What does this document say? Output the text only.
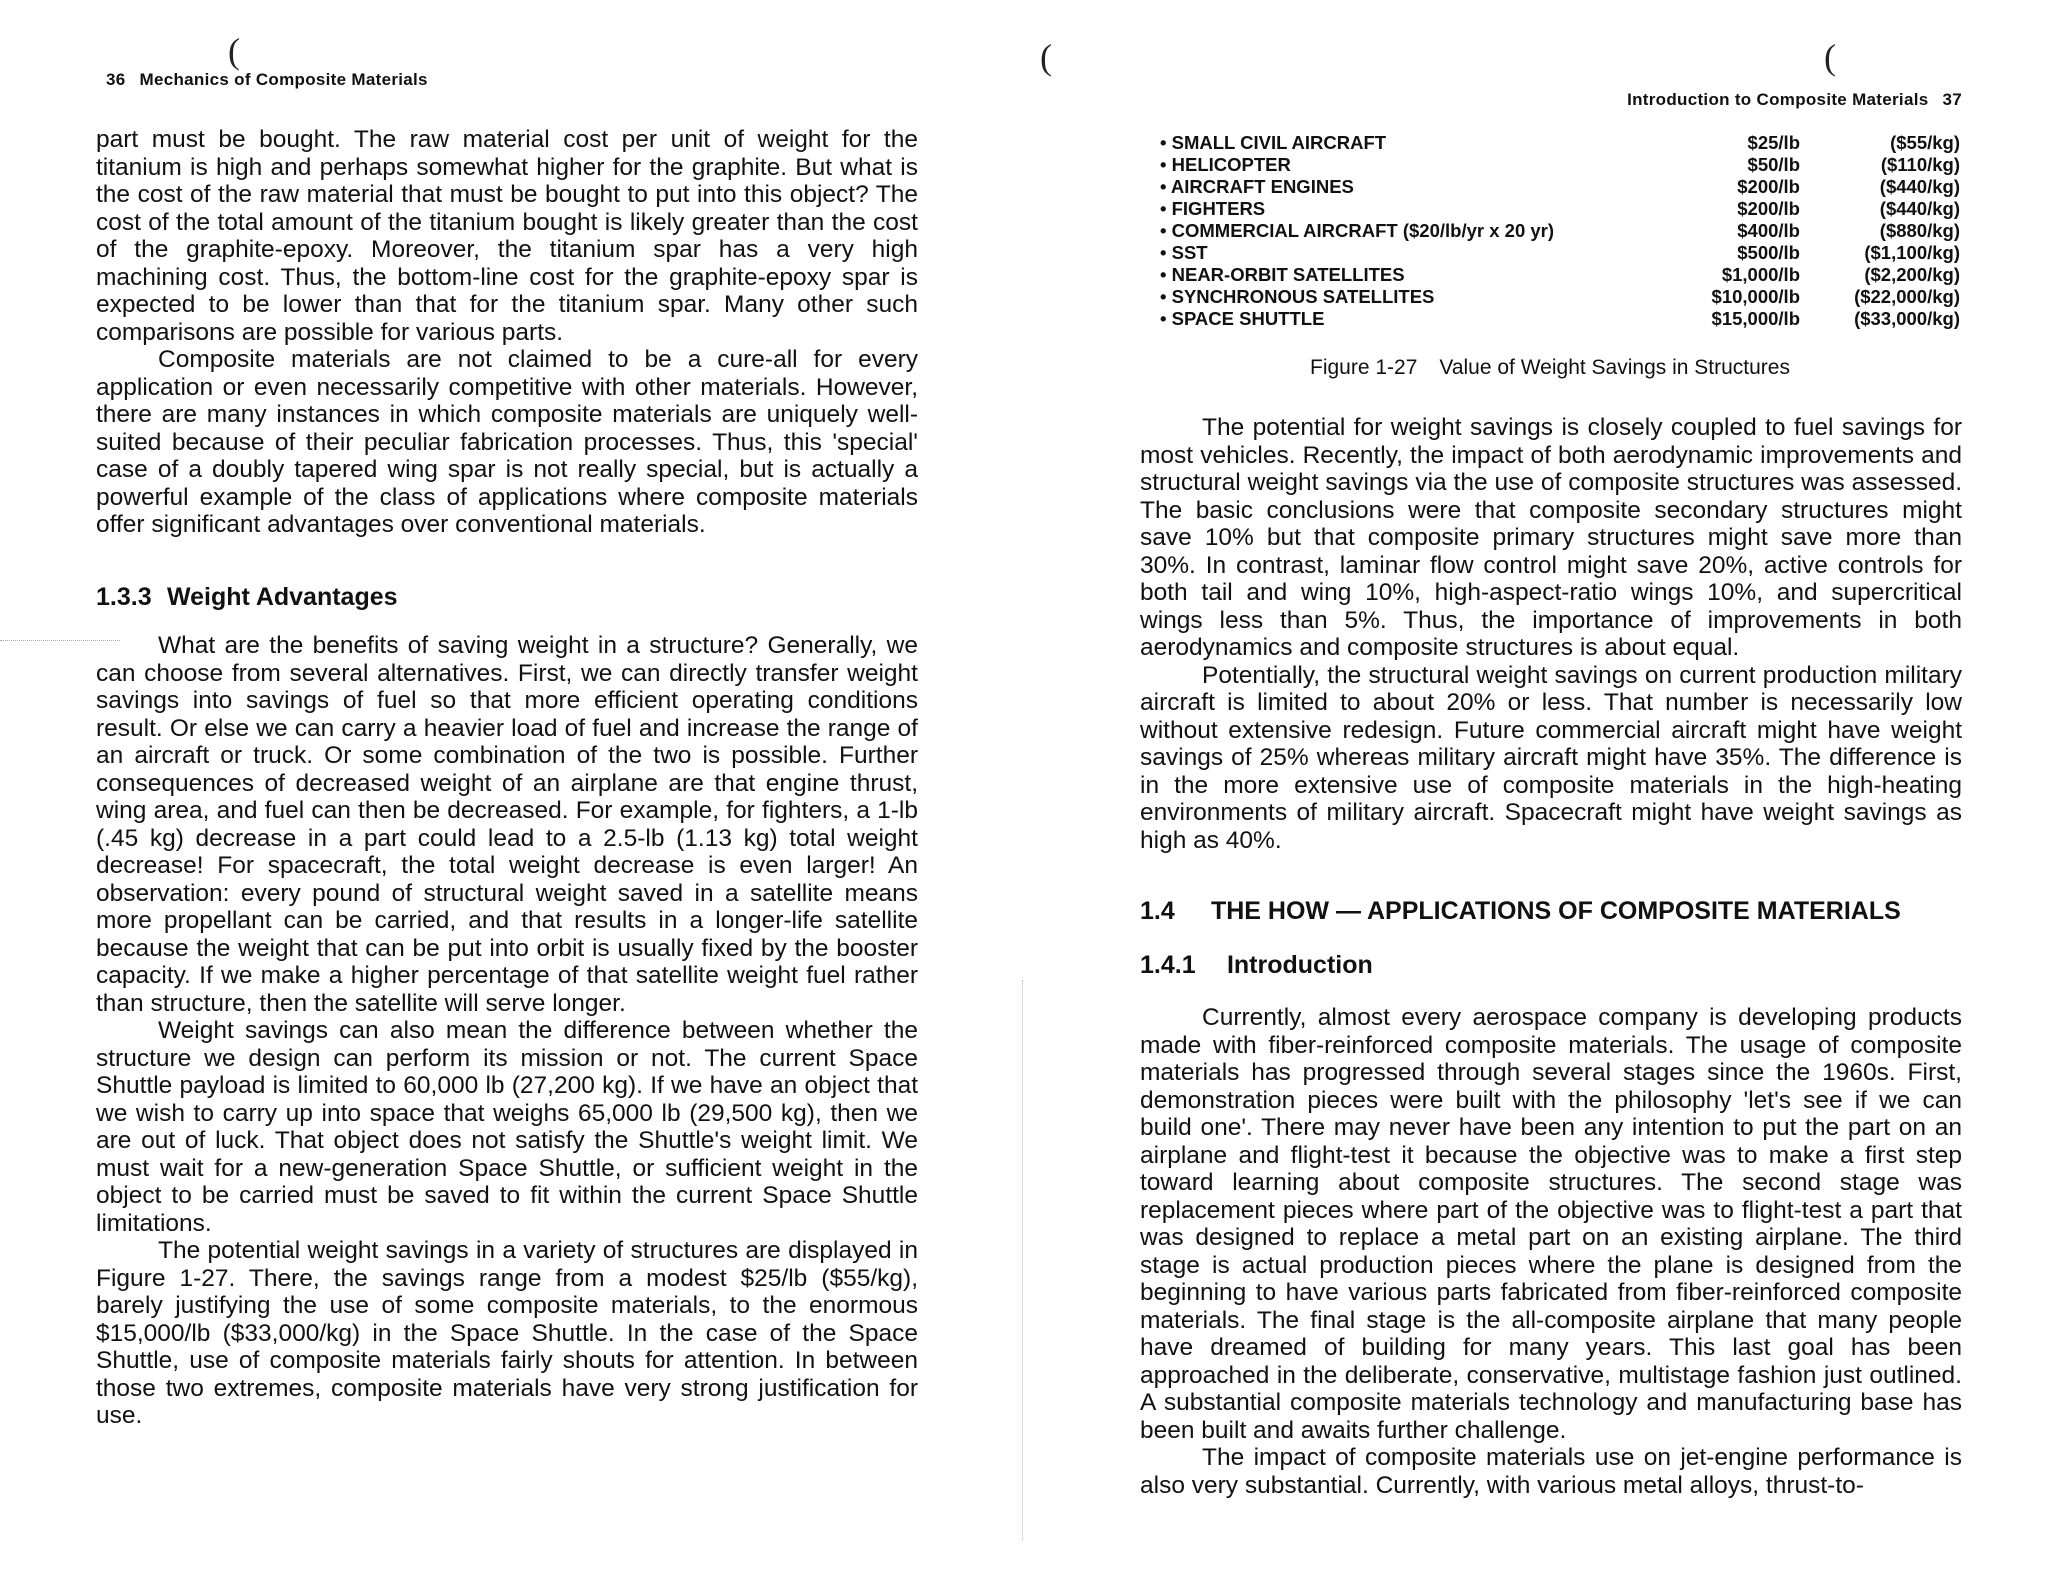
(	(	(
36 Mechanics of Composite Materials

part must be bought. The raw material cost per unit of weight for the titanium is high and perhaps somewhat higher for the graphite. But what is the cost of the raw material that must be bought to put into this object? The cost of the total amount of the titanium bought is likely greater than the cost of the graphite-epoxy. Moreover, the titanium spar has a very high machining cost. Thus, the bottom-line cost for the graphite-epoxy spar is expected to be lower than that for the titanium spar. Many other such comparisons are possible for various parts.

Composite materials are not claimed to be a cure-all for every application or even necessarily competitive with other materials. However, there are many instances in which composite materials are uniquely well-suited because of their peculiar fabrication processes. Thus, this 'special' case of a doubly tapered wing spar is not really special, but is actually a powerful example of the class of applications where composite materials offer significant advantages over conventional materials.

1.3.3 Weight Advantages

What are the benefits of saving weight in a structure? Generally, we can choose from several alternatives. First, we can directly transfer weight savings into savings of fuel so that more efficient operating conditions result. Or else we can carry a heavier load of fuel and increase the range of an aircraft or truck. Or some combination of the two is possible. Further consequences of decreased weight of an airplane are that engine thrust, wing area, and fuel can then be decreased. For example, for fighters, a 1-lb (.45 kg) decrease in a part could lead to a 2.5-lb (1.13 kg) total weight decrease! For spacecraft, the total weight decrease is even larger! An observation: every pound of structural weight saved in a satellite means more propellant can be carried, and that results in a longer-life satellite because the weight that can be put into orbit is usually fixed by the booster capacity. If we make a higher percentage of that satellite weight fuel rather than structure, then the satellite will serve longer.

Weight savings can also mean the difference between whether the structure we design can perform its mission or not. The current Space Shuttle payload is limited to 60,000 lb (27,200 kg). If we have an object that we wish to carry up into space that weighs 65,000 lb (29,500 kg), then we are out of luck. That object does not satisfy the Shuttle's weight limit. We must wait for a new-generation Space Shuttle, or sufficient weight in the object to be carried must be saved to fit within the current Space Shuttle limitations.

The potential weight savings in a variety of structures are displayed in Figure 1-27. There, the savings range from a modest $25/lb ($55/kg), barely justifying the use of some composite materials, to the enormous $15,000/lb ($33,000/kg) in the Space Shuttle. In the case of the Space Shuttle, use of composite materials fairly shouts for attention. In between those two extremes, composite materials have very strong justification for use.

Introduction to Composite Materials 37
• SMALL CIVIL AIRCRAFT	$25/lb	($55/kg)
• HELICOPTER	$50/lb	($110/kg)
• AIRCRAFT ENGINES	$200/lb	($440/kg)
• FIGHTERS	$200/lb	($440/kg)
• COMMERCIAL AIRCRAFT ($20/lb/yr x 20 yr)	$400/lb	($880/kg)
• SST	$500/lb	($1,100/kg)
• NEAR-ORBIT SATELLITES	$1,000/lb	($2,200/kg)
• SYNCHRONOUS SATELLITES	$10,000/lb	($22,000/kg)
• SPACE SHUTTLE	$15,000/lb	($33,000/kg)
Figure 1-27 Value of Weight Savings in Structures

The potential for weight savings is closely coupled to fuel savings for most vehicles. Recently, the impact of both aerodynamic improvements and structural weight savings via the use of composite structures was assessed. The basic conclusions were that composite secondary structures might save 10% but that composite primary structures might save more than 30%. In contrast, laminar flow control might save 20%, active controls for both tail and wing 10%, high-aspect-ratio wings 10%, and supercritical wings less than 5%. Thus, the importance of improvements in both aerodynamics and composite structures is about equal.

Potentially, the structural weight savings on current production military aircraft is limited to about 20% or less. That number is necessarily low without extensive redesign. Future commercial aircraft might have weight savings of 25% whereas military aircraft might have 35%. The difference is in the more extensive use of composite materials in the high-heating environments of military aircraft. Spacecraft might have weight savings as high as 40%.

1.4 THE HOW — APPLICATIONS OF COMPOSITE MATERIALS
1.4.1 Introduction

Currently, almost every aerospace company is developing products made with fiber-reinforced composite materials. The usage of composite materials has progressed through several stages since the 1960s. First, demonstration pieces were built with the philosophy 'let's see if we can build one'. There may never have been any intention to put the part on an airplane and flight-test it because the objective was to make a first step toward learning about composite structures. The second stage was replacement pieces where part of the objective was to flight-test a part that was designed to replace a metal part on an existing airplane. The third stage is actual production pieces where the plane is designed from the beginning to have various parts fabricated from fiber-reinforced composite materials. The final stage is the all-composite airplane that many people have dreamed of building for many years. This last goal has been approached in the deliberate, conservative, multistage fashion just outlined. A substantial composite materials technology and manufacturing base has been built and awaits further challenge.

The impact of composite materials use on jet-engine performance is also very substantial. Currently, with various metal alloys, thrust-to-
